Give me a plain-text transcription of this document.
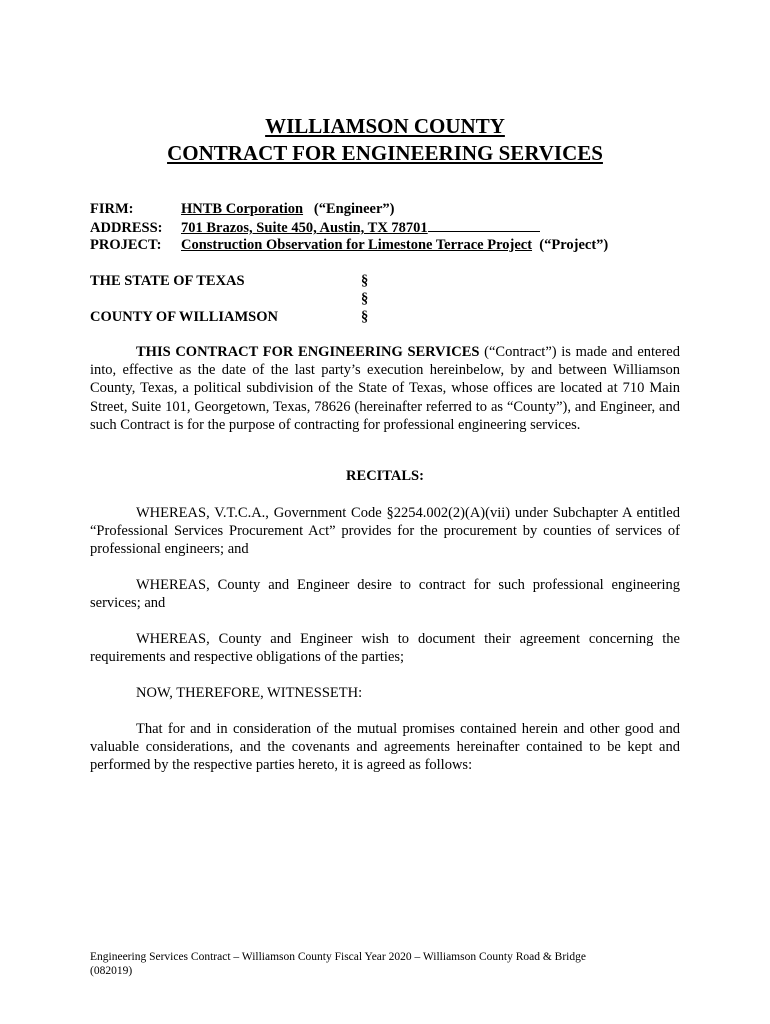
WILLIAMSON COUNTY
CONTRACT FOR ENGINEERING SERVICES
FIRM:	HNTB Corporation (“Engineer”)
ADDRESS: 701 Brazos, Suite 450, Austin, TX 78701
PROJECT: Construction Observation for Limestone Terrace Project (“Project”)
THE STATE OF TEXAS	§
§
COUNTY OF WILLIAMSON	§
THIS CONTRACT FOR ENGINEERING SERVICES (“Contract”) is made and entered into, effective as the date of the last party’s execution hereinbelow, by and between Williamson County, Texas, a political subdivision of the State of Texas, whose offices are located at 710 Main Street, Suite 101, Georgetown, Texas, 78626 (hereinafter referred to as “County”), and Engineer, and such Contract is for the purpose of contracting for professional engineering services.
RECITALS:
WHEREAS, V.T.C.A., Government Code §2254.002(2)(A)(vii) under Subchapter A entitled “Professional Services Procurement Act” provides for the procurement by counties of services of professional engineers; and
WHEREAS, County and Engineer desire to contract for such professional engineering services; and
WHEREAS, County and Engineer wish to document their agreement concerning the requirements and respective obligations of the parties;
NOW, THEREFORE, WITNESSETH:
That for and in consideration of the mutual promises contained herein and other good and valuable considerations, and the covenants and agreements hereinafter contained to be kept and performed by the respective parties hereto, it is agreed as follows:
Engineering Services Contract – Williamson County Fiscal Year 2020 – Williamson County Road & Bridge
(082019)
